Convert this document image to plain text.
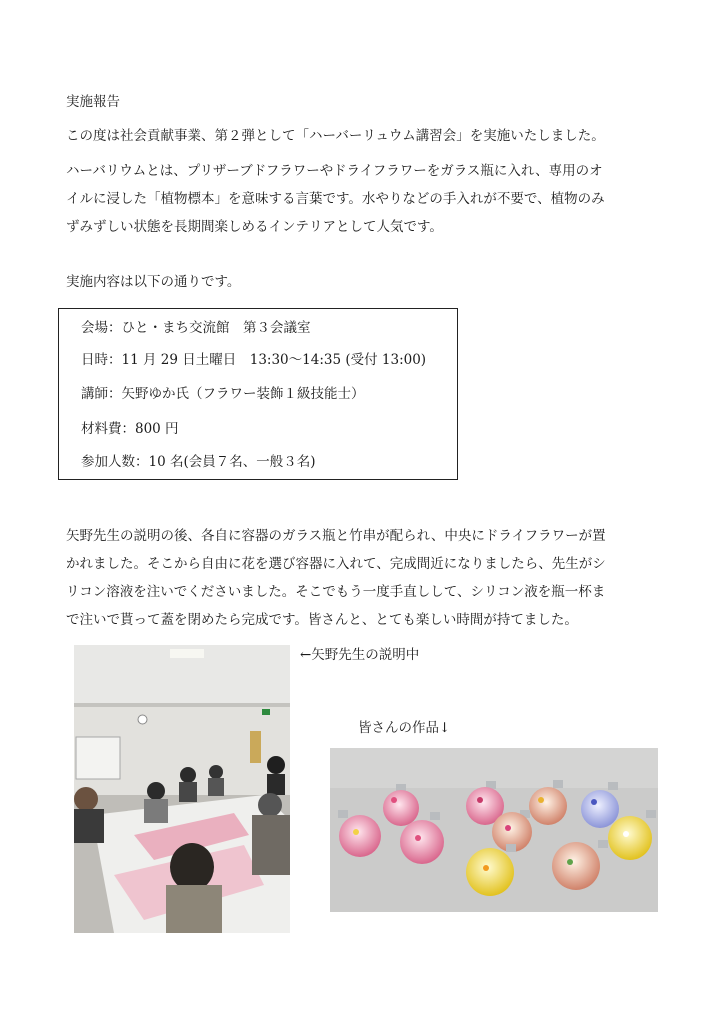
実施報告
この度は社会貢献事業、第２弾として「ハーバーリュウム講習会」を実施いたしました。
ハーバリウムとは、プリザーブドフラワーやドライフラワーをガラス瓶に入れ、専用のオ
イルに浸した「植物標本」を意味する言葉です。水やりなどの手入れが不要で、植物のみ
ずみずしい状態を長期間楽しめるインテリアとして人気です。
実施内容は以下の通りです。
会場：ひと・まち交流館　第３会議室
日時：11 月 29 日土曜日　13:30～14:35 (受付 13:00)
講師：矢野ゆか氏（フラワー装飾１級技能士）
材料費：800 円
参加人数：10 名(会員７名、一般３名)
矢野先生の説明の後、各自に容器のガラス瓶と竹串が配られ、中央にドライフラワーが置
かれました。そこから自由に花を選び容器に入れて、完成間近になりましたら、先生がシ
リコン溶液を注いでくださいました。そこでもう一度手直しして、シリコン液を瓶一杯ま
で注いで貰って蓋を閉めたら完成です。皆さんと、とても楽しい時間が持てました。
←矢野先生の説明中
皆さんの作品↓
